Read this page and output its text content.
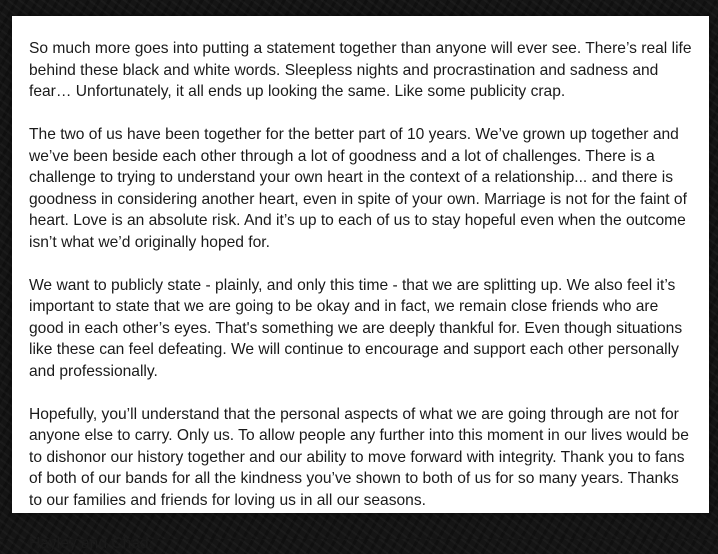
So much more goes into putting a statement together than anyone will ever see. There’s real life behind these black and white words. Sleepless nights and procrastination and sadness and fear… Unfortunately, it all ends up looking the same. Like some publicity crap.

The two of us have been together for the better part of 10 years. We’ve grown up together and we’ve been beside each other through a lot of goodness and a lot of challenges. There is a challenge to trying to understand your own heart in the context of a relationship... and there is goodness in considering another heart, even in spite of your own. Marriage is not for the faint of heart. Love is an absolute risk. And it’s up to each of us to stay hopeful even when the outcome isn’t what we’d originally hoped for.

We want to publicly state - plainly, and only this time - that we are splitting up. We also feel it’s important to state that we are going to be okay and in fact, we remain close friends who are good in each other’s eyes. That's something we are deeply thankful for. Even though situations like these can feel defeating. We will continue to encourage and support each other personally and professionally.

Hopefully, you’ll understand that the personal aspects of what we are going through are not for anyone else to carry. Only us. To allow people any further into this moment in our lives would be to dishonor our history together and our ability to move forward with integrity. Thank you to fans of both of our bands for all the kindness you’ve shown to both of us for so many years. Thanks to our families and friends for loving us in all our seasons.

Hayley and Chad.
